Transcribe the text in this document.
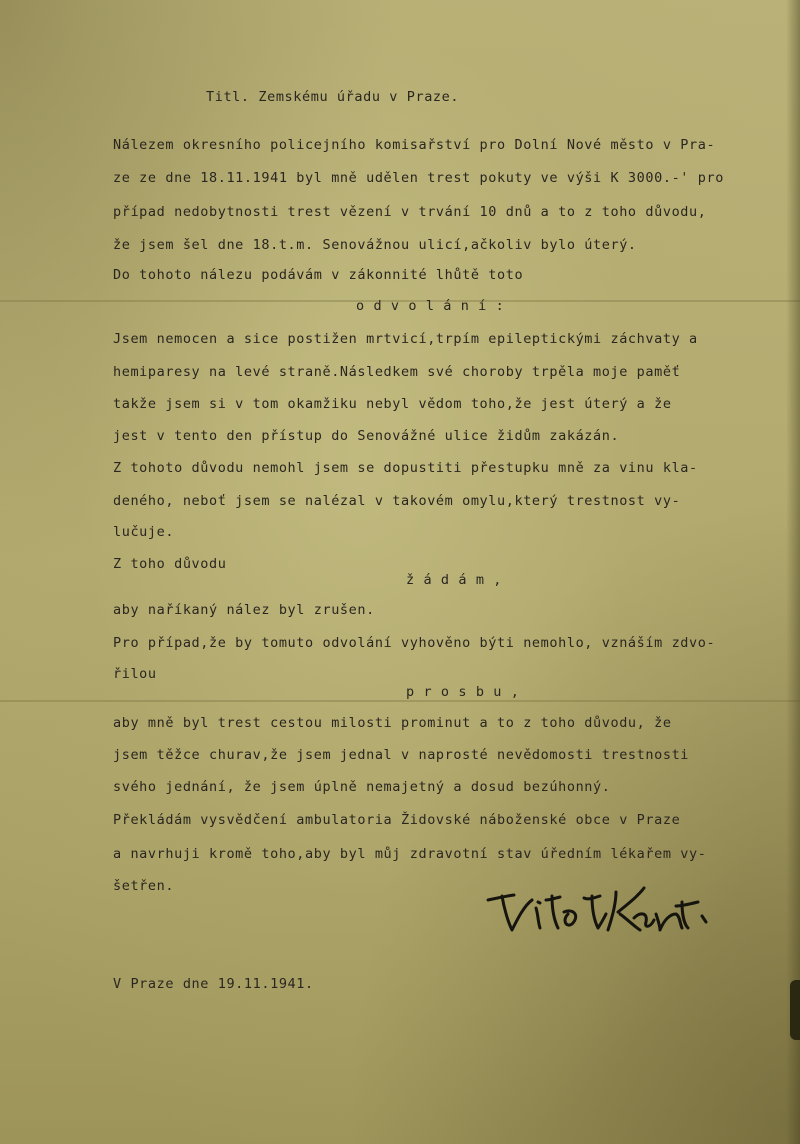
Titl. Zemskému úřadu v Praze.
Nálezem okresního policejního komisařství pro Dolní Nové město v Pra-
ze ze dne 18.11.1941 byl mně udělen trest pokuty ve výši K 3000.-' pro
případ nedobytnosti trest vězení v trvání 10 dnů a to z toho důvodu,
že jsem šel dne 18.t.m. Senovážnou ulicí,ačkoliv bylo úterý.
Do tohoto nálezu podávám v zákonnité lhůtě toto
o d v o l á n í :
Jsem nemocen a sice postižen mrtvicí,trpím epileptickými záchvaty a
hemiparesy na levé straně.Následkem své choroby trpěla moje paměť
takže jsem si v tom okamžiku nebyl vědom toho,že jest úterý a že
jest v tento den přístup do Senovážné ulice židům zakázán.
Z tohoto důvodu nemohl jsem se dopustiti přestupku mně za vinu kla-
deného, neboť jsem se nalézal v takovém omylu,který trestnost vy-
lučuje.
Z toho důvodu
ž á d á m ,
aby naříkaný nález byl zrušen.
Pro případ,že by tomuto odvolání vyhověno býti nemohlo, vznáším zdvo-
řilou
p r o s b u ,
aby mně byl trest cestou milosti prominut a to z toho důvodu, že
jsem těžce churav,že jsem jednal v naprosté nevědomosti trestnosti
svého jednání, že jsem úplně nemajetný a dosud bezúhonný.
Překládám vysvědčení ambulatoria Židovské náboženské obce v Praze
a navrhuji kromě toho,aby byl můj zdravotní stav úředním lékařem vy-
šetřen.
V Praze dne 19.11.1941.
